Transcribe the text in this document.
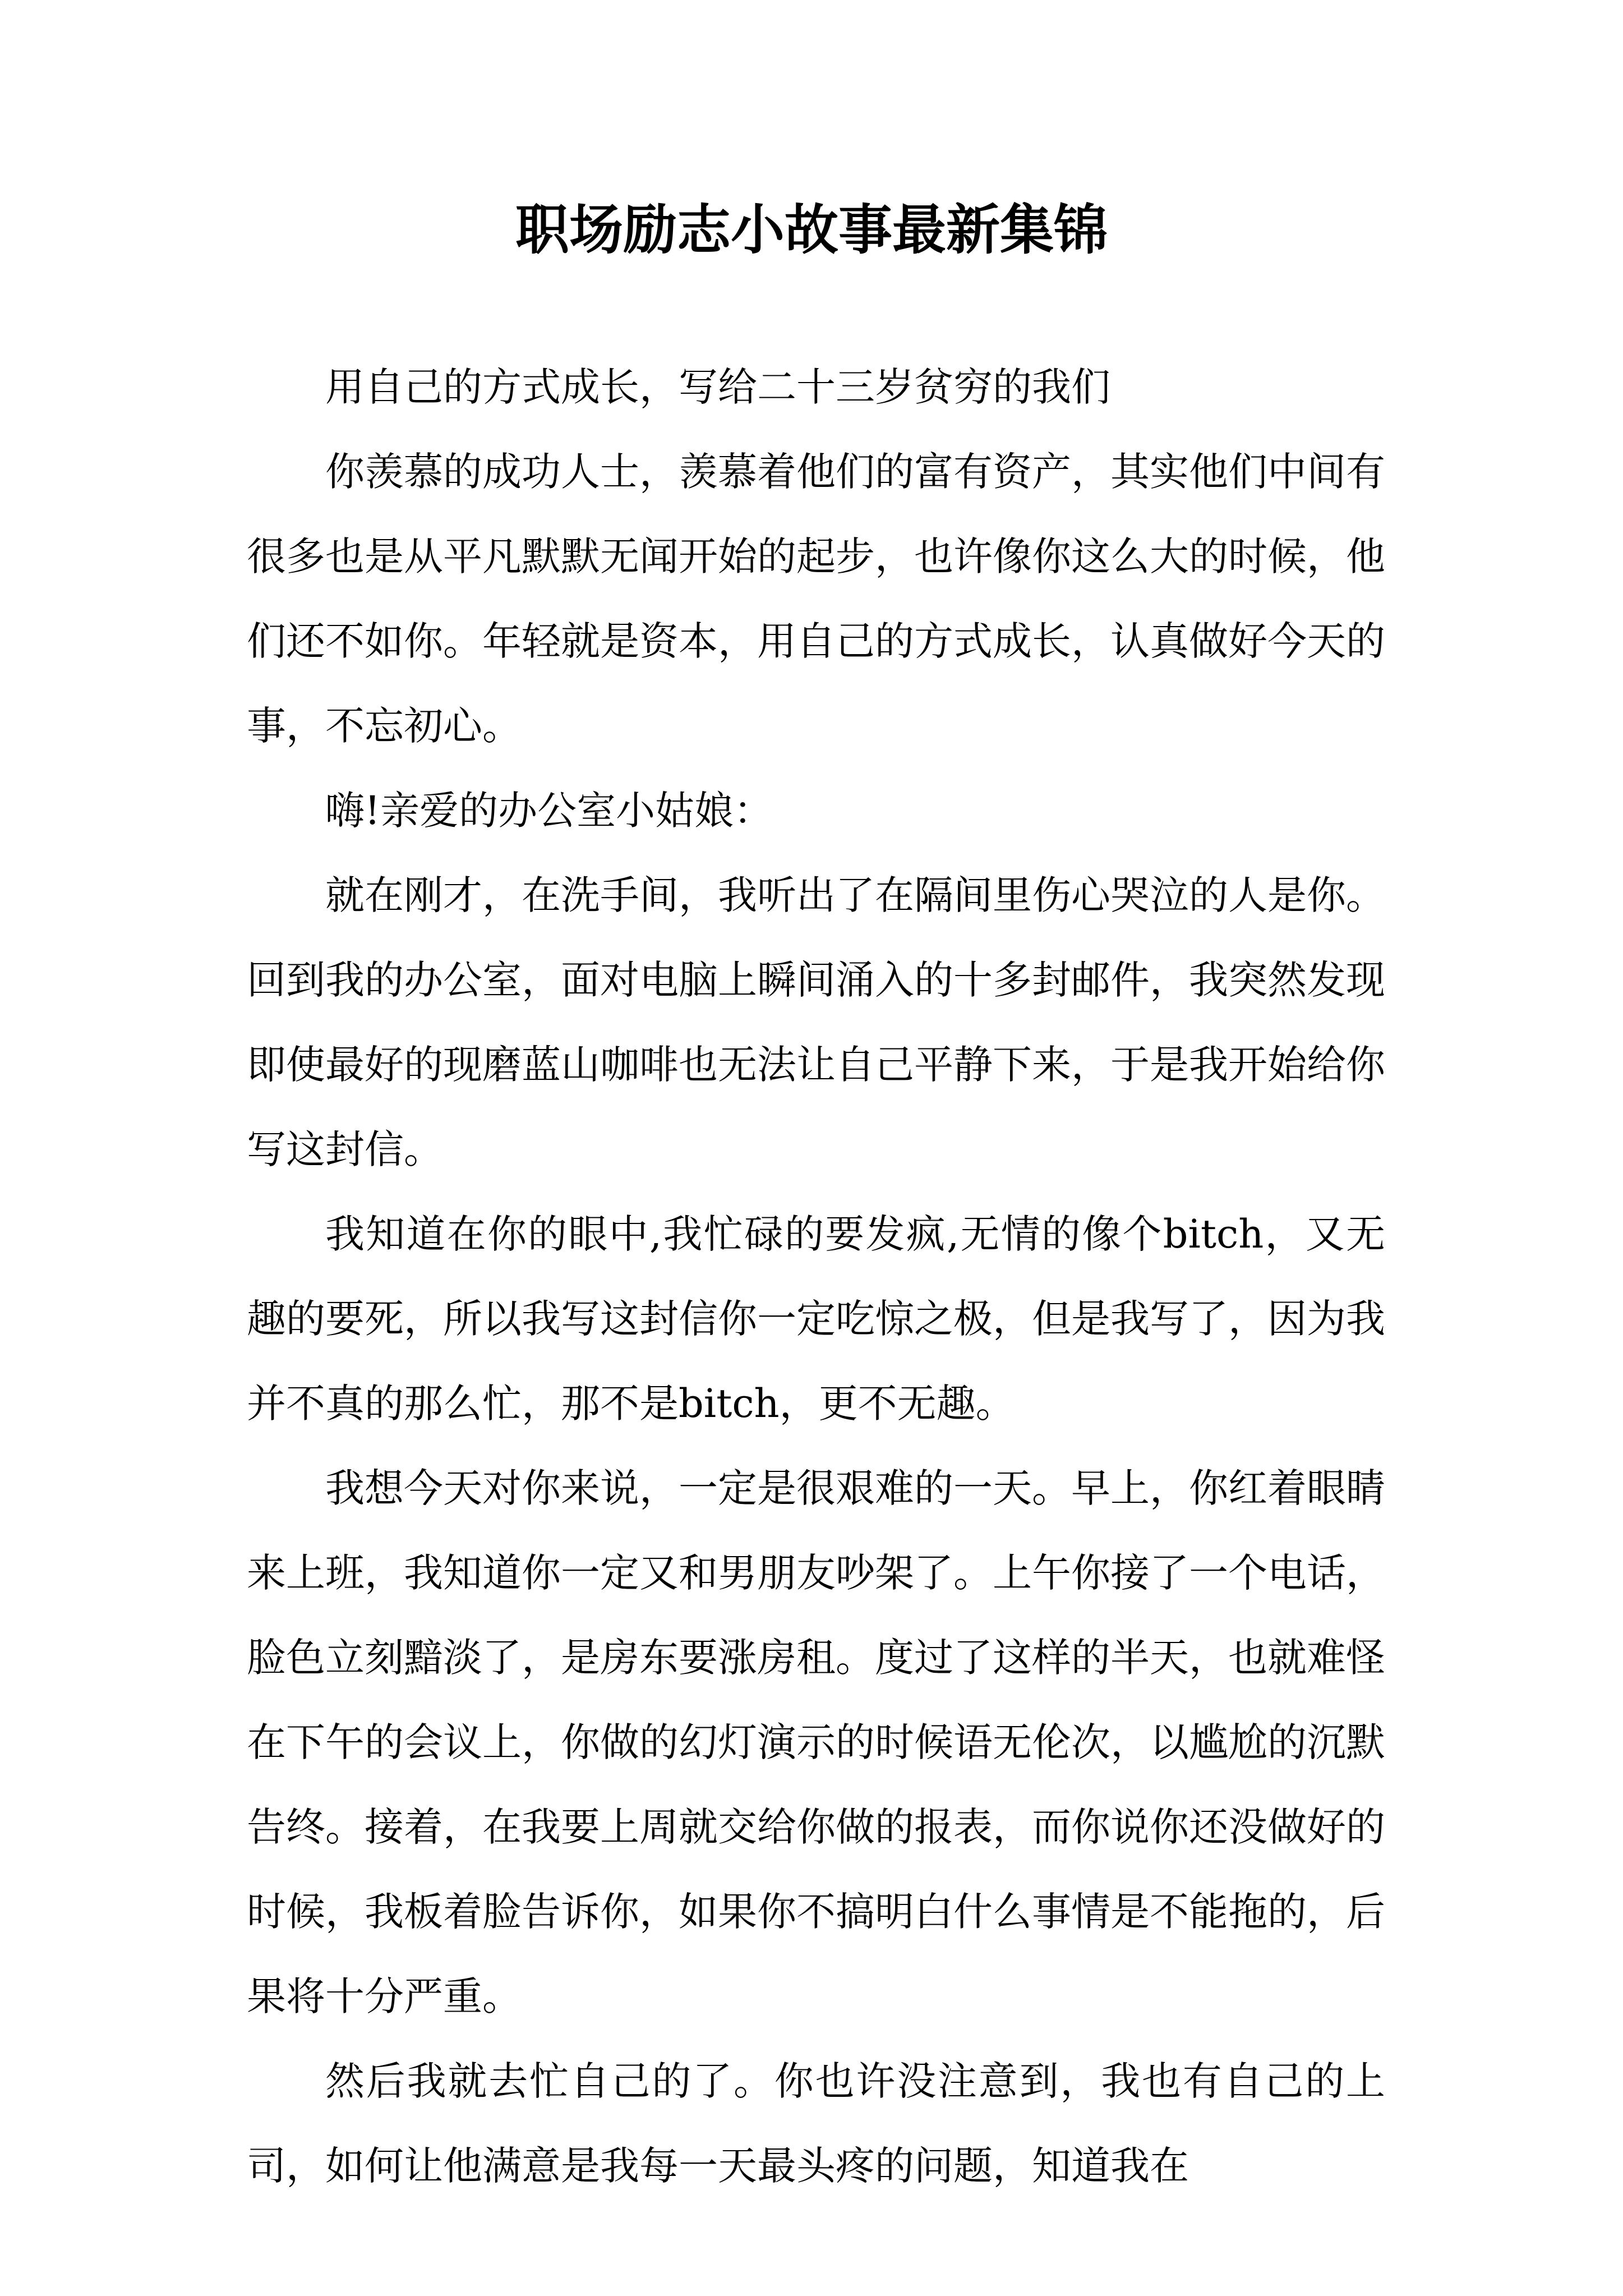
职场励志小故事最新集锦

用自己的方式成长，写给二十三岁贫穷的我们

你羡慕的成功人士，羡慕着他们的富有资产，其实他们中间有很多也是从平凡默默无闻开始的起步，也许像你这么大的时候，他们还不如你。年轻就是资本，用自己的方式成长，认真做好今天的事，不忘初心。

嗨!亲爱的办公室小姑娘：

就在刚才，在洗手间，我听出了在隔间里伤心哭泣的人是你。回到我的办公室，面对电脑上瞬间涌入的十多封邮件，我突然发现即使最好的现磨蓝山咖啡也无法让自己平静下来，于是我开始给你写这封信。

我知道在你的眼中,我忙碌的要发疯,无情的像个bitch，又无趣的要死，所以我写这封信你一定吃惊之极，但是我写了，因为我并不真的那么忙，那不是bitch，更不无趣。

我想今天对你来说，一定是很艰难的一天。早上，你红着眼睛来上班，我知道你一定又和男朋友吵架了。上午你接了一个电话，脸色立刻黯淡了，是房东要涨房租。度过了这样的半天，也就难怪在下午的会议上，你做的幻灯演示的时候语无伦次，以尴尬的沉默告终。接着，在我要上周就交给你做的报表，而你说你还没做好的时候，我板着脸告诉你，如果你不搞明白什么事情是不能拖的，后果将十分严重。

然后我就去忙自己的了。你也许没注意到，我也有自己的上司，如何让他满意是我每一天最头疼的问题，知道我在
